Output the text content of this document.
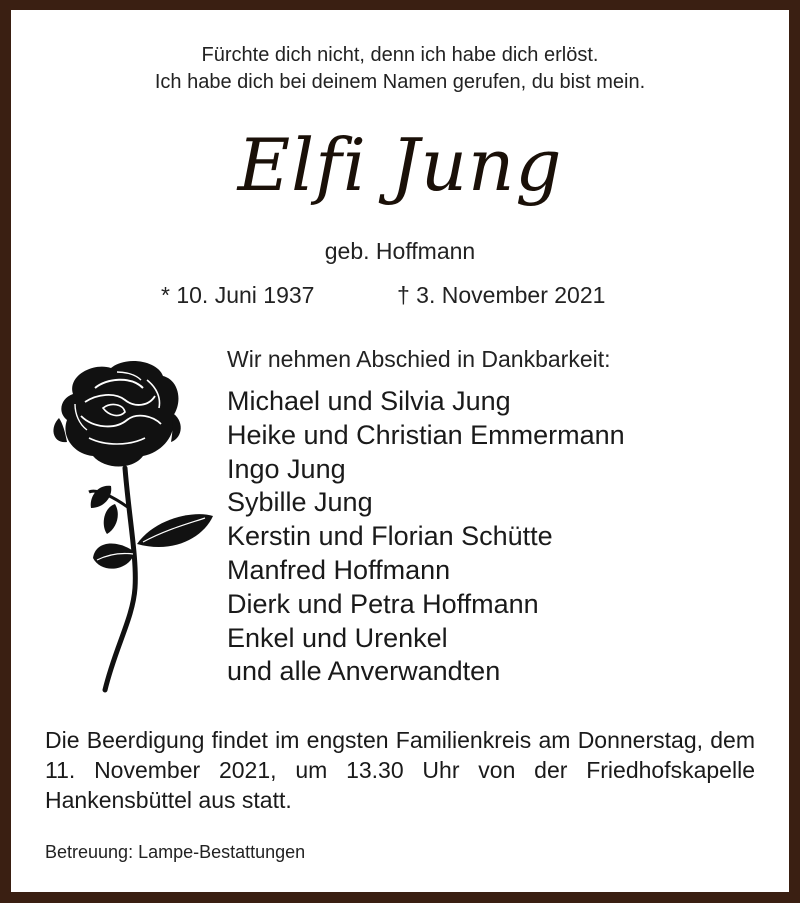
Fürchte dich nicht, denn ich habe dich erlöst.
Ich habe dich bei deinem Namen gerufen, du bist mein.
Elfi Jung
geb. Hoffmann
* 10. Juni 1937	† 3. November 2021
Wir nehmen Abschied in Dankbarkeit:
Michael und Silvia Jung
Heike und Christian Emmermann
Ingo Jung
Sybille Jung
Kerstin und Florian Schütte
Manfred Hoffmann
Dierk und Petra Hoffmann
Enkel und Urenkel
und alle Anverwandten
Die Beerdigung findet im engsten Familienkreis am Donnerstag, dem 11. November 2021, um 13.30 Uhr von der Friedhofskapelle Hankensbüttel aus statt.
Betreuung: Lampe-Bestattungen
